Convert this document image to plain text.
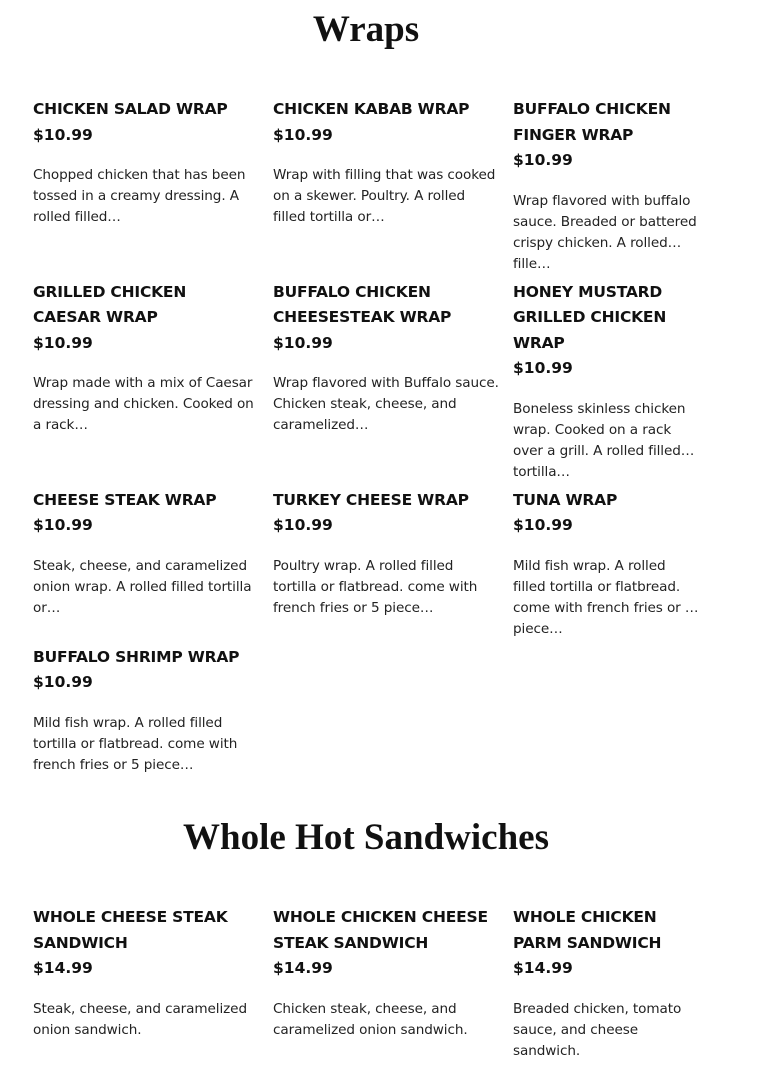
Wraps
CHICKEN SALAD WRAP
$10.99
Chopped chicken that has been tossed in a creamy dressing. A rolled filled…
CHICKEN KABAB WRAP
$10.99
Wrap with filling that was cooked on a skewer. Poultry. A rolled filled tortilla or…
BUFFALO CHICKEN FINGER WRAP
$10.99
Wrap flavored with buffalo sauce. Breaded or battered crispy chicken. A rolled fille…
GRILLED CHICKEN CAESAR WRAP
$10.99
Wrap made with a mix of Caesar dressing and chicken. Cooked on a rack…
BUFFALO CHICKEN CHEESESTEAK WRAP
$10.99
Wrap flavored with Buffalo sauce. Chicken steak, cheese, and caramelized…
HONEY MUSTARD GRILLED CHICKEN WRAP
$10.99
Boneless skinless chicken wrap. Cooked on a rack over a grill. A rolled filled tortilla…
CHEESE STEAK WRAP
$10.99
Steak, cheese, and caramelized onion wrap. A rolled filled tortilla or…
TURKEY CHEESE WRAP
$10.99
Poultry wrap. A rolled filled tortilla or flatbread. come with french fries or 5 piece…
TUNA WRAP
$10.99
Mild fish wrap. A rolled filled tortilla or flatbread. come with french fries or 5 piece…
BUFFALO SHRIMP WRAP
$10.99
Mild fish wrap. A rolled filled tortilla or flatbread. come with french fries or 5 piece…
Whole Hot Sandwiches
WHOLE CHEESE STEAK SANDWICH
$14.99
Steak, cheese, and caramelized onion sandwich.
WHOLE CHICKEN CHEESE STEAK SANDWICH
$14.99
Chicken steak, cheese, and caramelized onion sandwich.
WHOLE CHICKEN PARM SANDWICH
$14.99
Breaded chicken, tomato sauce, and cheese sandwich.
